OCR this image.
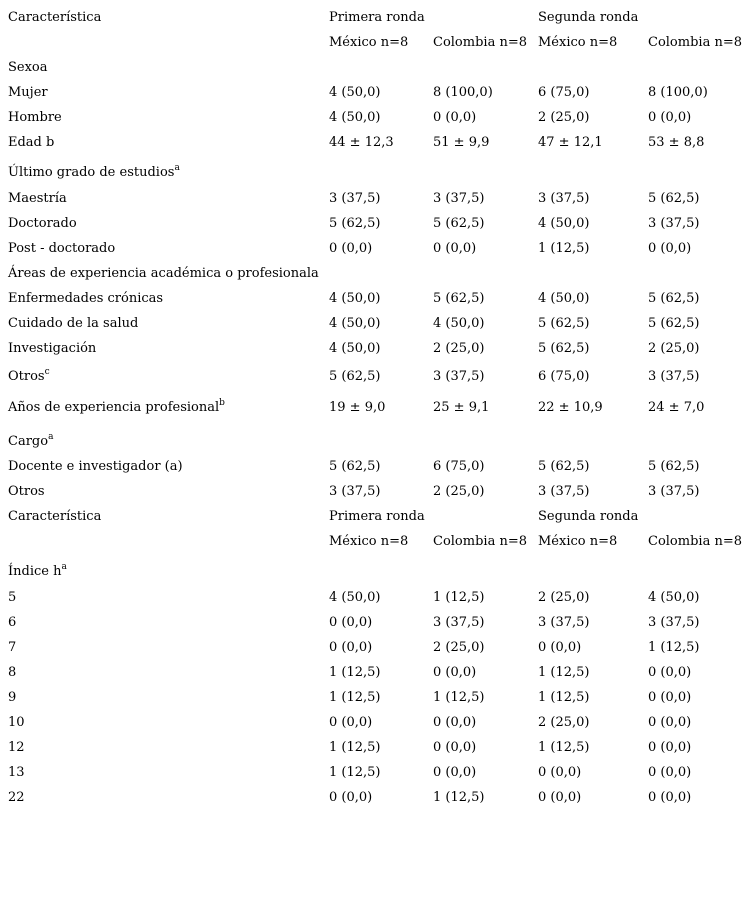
Característica	Primera ronda	Segunda ronda
México n=8 Colombia n=8 México n=8 Colombia n=8
Sexoa
Mujer	4 (50,0)	8 (100,0)	6 (75,0)	8 (100,0)
Hombre	4 (50,0)	0 (0,0)	2 (25,0)	0 (0,0)
Edad b	44 ± 12,3	51 ± 9,9	47 ± 12,1	53 ± 8,8
Último grado de estudios$^a$
Maestría	3 (37,5)	3 (37,5)	3 (37,5)	5 (62,5)
Doctorado	5 (62,5)	5 (62,5)	4 (50,0)	3 (37,5)
Post - doctorado	0 (0,0)	0 (0,0)	1 (12,5)	0 (0,0)
Áreas de experiencia académica o profesionala
Enfermedades crónicas	4 (50,0)	5 (62,5)	4 (50,0)	5 (62,5)
Cuidado de la salud	4 (50,0)	4 (50,0)	5 (62,5)	5 (62,5)
Investigación	4 (50,0)	2 (25,0)	5 (62,5)	2 (25,0)
Otros$^c$	5 (62,5)	3 (37,5)	6 (75,0)	3 (37,5)
Años de experiencia profesional$^b$	19 ± 9,0	25 ± 9,1	22 ± 10,9	24 ± 7,0
Cargo$^a$
Docente e investigador (a)	5 (62,5)	6 (75,0)	5 (62,5)	5 (62,5)
Otros	3 (37,5)	2 (25,0)	3 (37,5)	3 (37,5)
Característica	Primera ronda	Segunda ronda
México n=8 Colombia n=8 México n=8 Colombia n=8
Índice $h^a$
5	4 (50,0)	1 (12,5)	2 (25,0)	4 (50,0)
6	0 (0,0)	3 (37,5)	3 (37,5)	3 (37,5)
7	0 (0,0)	2 (25,0)	0 (0,0)	1 (12,5)
8	1 (12,5)	0 (0,0)	1 (12,5)	0 (0,0)
9	1 (12,5)	1 (12,5)	1 (12,5)	0 (0,0)
10	0 (0,0)	0 (0,0)	2 (25,0)	0 (0,0)
12	1 (12,5)	0 (0,0)	1 (12,5)	0 (0,0)
13	1 (12,5)	0 (0,0)	0 (0,0)	0 (0,0)
22	0 (0,0)	1 (12,5)	0 (0,0)	0 (0,0)
